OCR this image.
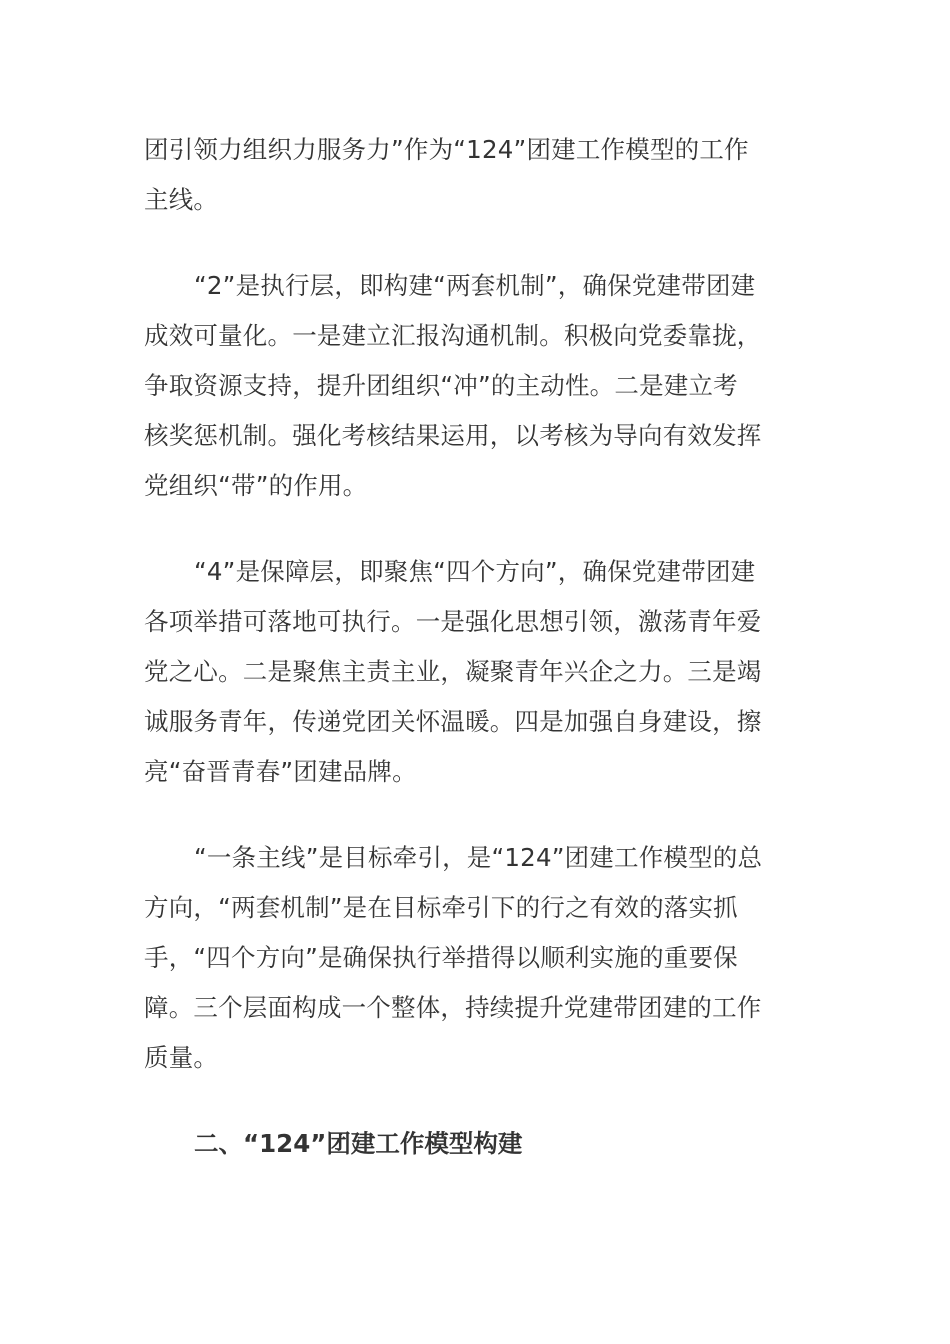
团引领力组织力服务力”作为“124”团建工作模型的工作
主线。
“2”是执行层，即构建“两套机制”，确保党建带团建
成效可量化。一是建立汇报沟通机制。积极向党委靠拢，
争取资源支持，提升团组织“冲”的主动性。二是建立考
核奖惩机制。强化考核结果运用，以考核为导向有效发挥
党组织“带”的作用。
“4”是保障层，即聚焦“四个方向”，确保党建带团建
各项举措可落地可执行。一是强化思想引领，激荡青年爱
党之心。二是聚焦主责主业，凝聚青年兴企之力。三是竭
诚服务青年，传递党团关怀温暖。四是加强自身建设，擦
亮“奋晋青春”团建品牌。
“一条主线”是目标牵引，是“124”团建工作模型的总
方向，“两套机制”是在目标牵引下的行之有效的落实抓
手，“四个方向”是确保执行举措得以顺利实施的重要保
障。三个层面构成一个整体，持续提升党建带团建的工作
质量。
二、“124”团建工作模型构建
